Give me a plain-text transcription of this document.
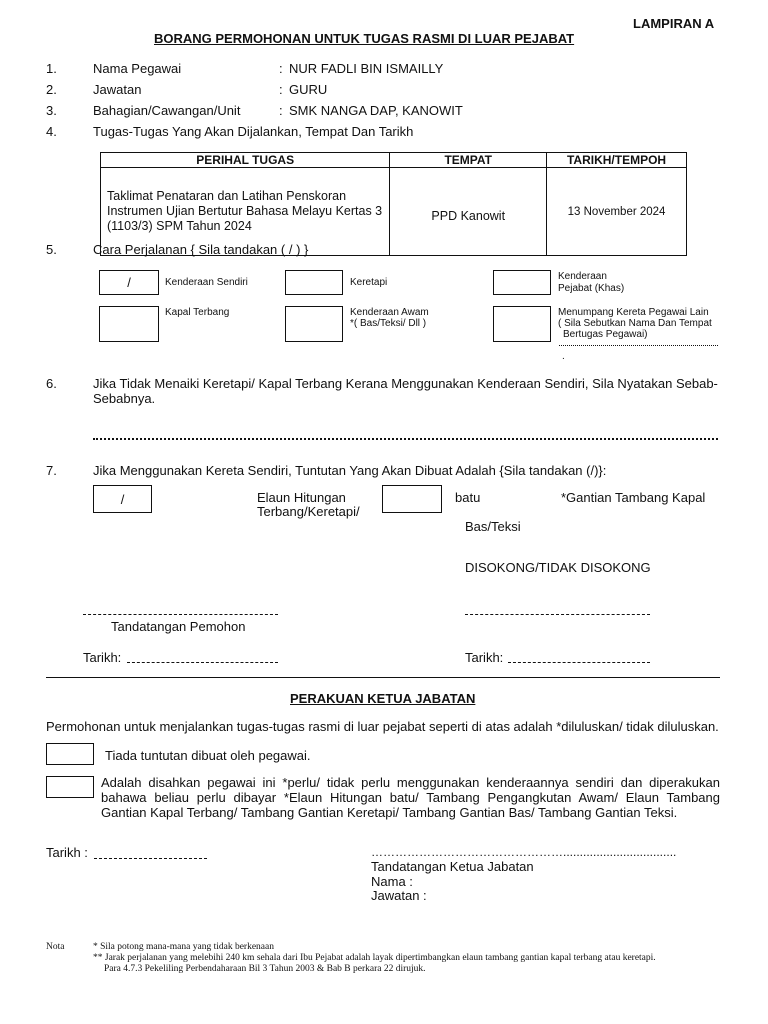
LAMPIRAN A
BORANG PERMOHONAN UNTUK TUGAS RASMI DI LUAR PEJABAT
1.	Nama Pegawai	: NUR FADLI BIN ISMAILLY
2.	Jawatan	: GURU
3.	Bahagian/Cawangan/Unit	: SMK NANGA DAP, KANOWIT
4.	Tugas-Tugas Yang Akan Dijalankan, Tempat Dan Tarikh
PERIHAL TUGAS	TEMPAT	TARIKH/TEMPOH
Taklimat Penataran dan Latihan Penskoran Instrumen Ujian Bertutur Bahasa Melayu Kertas 3 (1103/3) SPM Tahun 2024	PPD Kanowit	13 November 2024
5.	Cara Perjalanan { Sila tandakan ( / ) }
/	Kenderaan Sendiri	Keretapi
Kenderaan
Pejabat (Khas)
Kapal Terbang	Kenderaan Awam
*( Bas/Teksi/ Dll )
Menumpang Kereta Pegawai Lain
( Sila Sebutkan Nama Dan Tempat
Bertugas Pegawai)
.
6.	Jika Tidak Menaiki Keretapi/ Kapal Terbang Kerana Menggunakan Kenderaan Sendiri, Sila Nyatakan Sebab-Sebabnya.
7.	Jika Menggunakan Kereta Sendiri, Tuntutan Yang Akan Dibuat Adalah {Sila tandakan (/)}:
/	Elaun Hitungan
Terbang/Keretapi/
batu	*Gantian Tambang Kapal
Bas/Teksi
DISOKONG/TIDAK DISOKONG
Tandatangan Pemohon
Tarikh:	Tarikh:
PERAKUAN KETUA JABATAN
Permohonan untuk menjalankan tugas-tugas rasmi di luar pejabat seperti di atas adalah *diluluskan/ tidak diluluskan.
Tiada tuntutan dibuat oleh pegawai.
Adalah disahkan pegawai ini *perlu/ tidak perlu menggunakan kenderaannya sendiri dan diperakukan bahawa beliau perlu dibayar *Elaun Hitungan batu/ Tambang Pengangkutan Awam/ Elaun Tambang Gantian Kapal Terbang/ Tambang Gantian Keretapi/ Tambang Gantian Bas/ Tambang Gantian Teksi.
Tarikh :	…………………………………………..................................
Tandatangan Ketua Jabatan
Nama :
Jawatan :
Nota	* Sila potong mana-mana yang tidak berkenaan
** Jarak perjalanan yang melebihi 240 km sehala dari Ibu Pejabat adalah layak dipertimbangkan elaun tambang gantian kapal terbang atau keretapi.
Para 4.7.3 Pekeliling Perbendaharaan Bil 3 Tahun 2003 & Bab B perkara 22 dirujuk.
